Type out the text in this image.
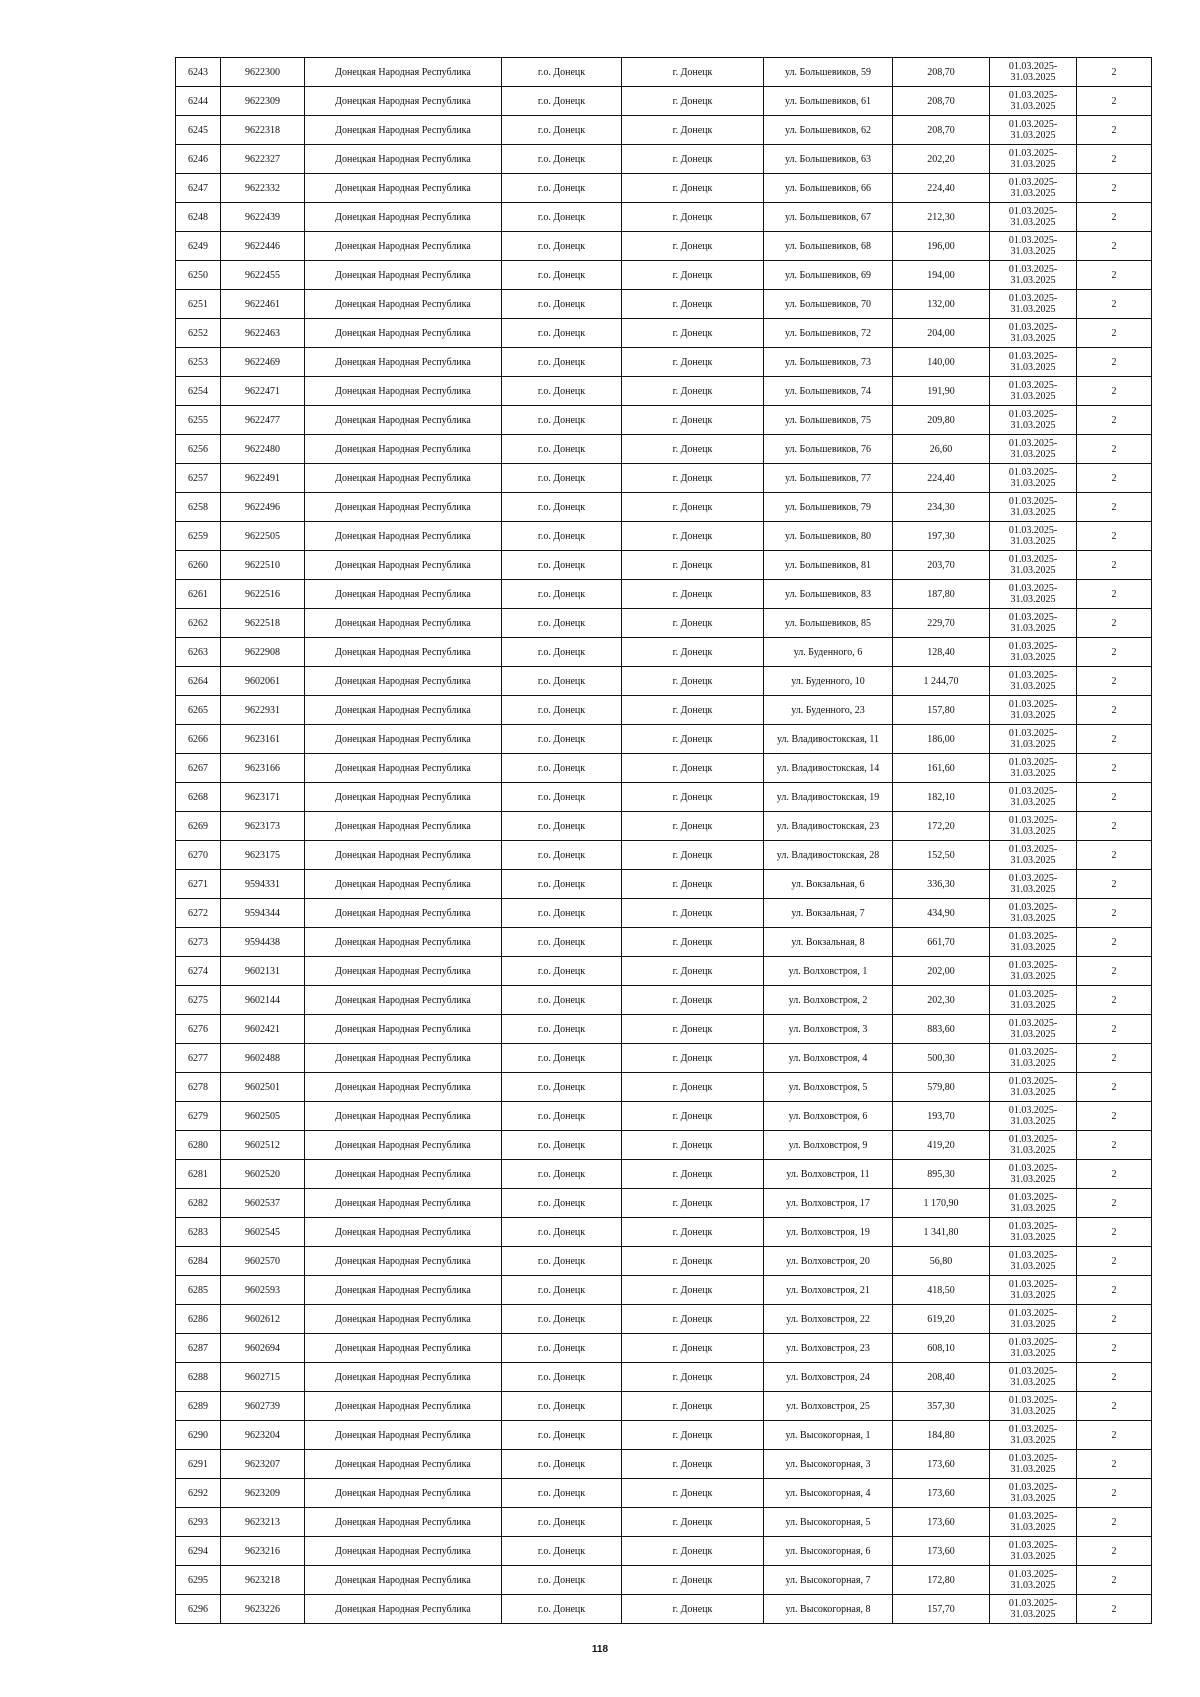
6243	9622300	Донецкая Народная Республика	г.о. Донецк	г. Донецк	ул. Большевиков, 59	208,70	01.03.2025-31.03.2025	2
6244	9622309	Донецкая Народная Республика	г.о. Донецк	г. Донецк	ул. Большевиков, 61	208,70	01.03.2025-31.03.2025	2
6245	9622318	Донецкая Народная Республика	г.о. Донецк	г. Донецк	ул. Большевиков, 62	208,70	01.03.2025-31.03.2025	2
6246	9622327	Донецкая Народная Республика	г.о. Донецк	г. Донецк	ул. Большевиков, 63	202,20	01.03.2025-31.03.2025	2
6247	9622332	Донецкая Народная Республика	г.о. Донецк	г. Донецк	ул. Большевиков, 66	224,40	01.03.2025-31.03.2025	2
6248	9622439	Донецкая Народная Республика	г.о. Донецк	г. Донецк	ул. Большевиков, 67	212,30	01.03.2025-31.03.2025	2
6249	9622446	Донецкая Народная Республика	г.о. Донецк	г. Донецк	ул. Большевиков, 68	196,00	01.03.2025-31.03.2025	2
6250	9622455	Донецкая Народная Республика	г.о. Донецк	г. Донецк	ул. Большевиков, 69	194,00	01.03.2025-31.03.2025	2
6251	9622461	Донецкая Народная Республика	г.о. Донецк	г. Донецк	ул. Большевиков, 70	132,00	01.03.2025-31.03.2025	2
6252	9622463	Донецкая Народная Республика	г.о. Донецк	г. Донецк	ул. Большевиков, 72	204,00	01.03.2025-31.03.2025	2
6253	9622469	Донецкая Народная Республика	г.о. Донецк	г. Донецк	ул. Большевиков, 73	140,00	01.03.2025-31.03.2025	2
6254	9622471	Донецкая Народная Республика	г.о. Донецк	г. Донецк	ул. Большевиков, 74	191,90	01.03.2025-31.03.2025	2
6255	9622477	Донецкая Народная Республика	г.о. Донецк	г. Донецк	ул. Большевиков, 75	209,80	01.03.2025-31.03.2025	2
6256	9622480	Донецкая Народная Республика	г.о. Донецк	г. Донецк	ул. Большевиков, 76	26,60	01.03.2025-31.03.2025	2
6257	9622491	Донецкая Народная Республика	г.о. Донецк	г. Донецк	ул. Большевиков, 77	224,40	01.03.2025-31.03.2025	2
6258	9622496	Донецкая Народная Республика	г.о. Донецк	г. Донецк	ул. Большевиков, 79	234,30	01.03.2025-31.03.2025	2
6259	9622505	Донецкая Народная Республика	г.о. Донецк	г. Донецк	ул. Большевиков, 80	197,30	01.03.2025-31.03.2025	2
6260	9622510	Донецкая Народная Республика	г.о. Донецк	г. Донецк	ул. Большевиков, 81	203,70	01.03.2025-31.03.2025	2
6261	9622516	Донецкая Народная Республика	г.о. Донецк	г. Донецк	ул. Большевиков, 83	187,80	01.03.2025-31.03.2025	2
6262	9622518	Донецкая Народная Республика	г.о. Донецк	г. Донецк	ул. Большевиков, 85	229,70	01.03.2025-31.03.2025	2
6263	9622908	Донецкая Народная Республика	г.о. Донецк	г. Донецк	ул. Буденного, 6	128,40	01.03.2025-31.03.2025	2
6264	9602061	Донецкая Народная Республика	г.о. Донецк	г. Донецк	ул. Буденного, 10	1 244,70	01.03.2025-31.03.2025	2
6265	9622931	Донецкая Народная Республика	г.о. Донецк	г. Донецк	ул. Буденного, 23	157,80	01.03.2025-31.03.2025	2
6266	9623161	Донецкая Народная Республика	г.о. Донецк	г. Донецк	ул. Владивостокская, 11	186,00	01.03.2025-31.03.2025	2
6267	9623166	Донецкая Народная Республика	г.о. Донецк	г. Донецк	ул. Владивостокская, 14	161,60	01.03.2025-31.03.2025	2
6268	9623171	Донецкая Народная Республика	г.о. Донецк	г. Донецк	ул. Владивостокская, 19	182,10	01.03.2025-31.03.2025	2
6269	9623173	Донецкая Народная Республика	г.о. Донецк	г. Донецк	ул. Владивостокская, 23	172,20	01.03.2025-31.03.2025	2
6270	9623175	Донецкая Народная Республика	г.о. Донецк	г. Донецк	ул. Владивостокская, 28	152,50	01.03.2025-31.03.2025	2
6271	9594331	Донецкая Народная Республика	г.о. Донецк	г. Донецк	ул. Вокзальная, 6	336,30	01.03.2025-31.03.2025	2
6272	9594344	Донецкая Народная Республика	г.о. Донецк	г. Донецк	ул. Вокзальная, 7	434,90	01.03.2025-31.03.2025	2
6273	9594438	Донецкая Народная Республика	г.о. Донецк	г. Донецк	ул. Вокзальная, 8	661,70	01.03.2025-31.03.2025	2
6274	9602131	Донецкая Народная Республика	г.о. Донецк	г. Донецк	ул. Волховстроя, 1	202,00	01.03.2025-31.03.2025	2
6275	9602144	Донецкая Народная Республика	г.о. Донецк	г. Донецк	ул. Волховстроя, 2	202,30	01.03.2025-31.03.2025	2
6276	9602421	Донецкая Народная Республика	г.о. Донецк	г. Донецк	ул. Волховстроя, 3	883,60	01.03.2025-31.03.2025	2
6277	9602488	Донецкая Народная Республика	г.о. Донецк	г. Донецк	ул. Волховстроя, 4	500,30	01.03.2025-31.03.2025	2
6278	9602501	Донецкая Народная Республика	г.о. Донецк	г. Донецк	ул. Волховстроя, 5	579,80	01.03.2025-31.03.2025	2
6279	9602505	Донецкая Народная Республика	г.о. Донецк	г. Донецк	ул. Волховстроя, 6	193,70	01.03.2025-31.03.2025	2
6280	9602512	Донецкая Народная Республика	г.о. Донецк	г. Донецк	ул. Волховстроя, 9	419,20	01.03.2025-31.03.2025	2
6281	9602520	Донецкая Народная Республика	г.о. Донецк	г. Донецк	ул. Волховстроя, 11	895,30	01.03.2025-31.03.2025	2
6282	9602537	Донецкая Народная Республика	г.о. Донецк	г. Донецк	ул. Волховстроя, 17	1 170,90	01.03.2025-31.03.2025	2
6283	9602545	Донецкая Народная Республика	г.о. Донецк	г. Донецк	ул. Волховстроя, 19	1 341,80	01.03.2025-31.03.2025	2
6284	9602570	Донецкая Народная Республика	г.о. Донецк	г. Донецк	ул. Волховстроя, 20	56,80	01.03.2025-31.03.2025	2
6285	9602593	Донецкая Народная Республика	г.о. Донецк	г. Донецк	ул. Волховстроя, 21	418,50	01.03.2025-31.03.2025	2
6286	9602612	Донецкая Народная Республика	г.о. Донецк	г. Донецк	ул. Волховстроя, 22	619,20	01.03.2025-31.03.2025	2
6287	9602694	Донецкая Народная Республика	г.о. Донецк	г. Донецк	ул. Волховстроя, 23	608,10	01.03.2025-31.03.2025	2
6288	9602715	Донецкая Народная Республика	г.о. Донецк	г. Донецк	ул. Волховстроя, 24	208,40	01.03.2025-31.03.2025	2
6289	9602739	Донецкая Народная Республика	г.о. Донецк	г. Донецк	ул. Волховстроя, 25	357,30	01.03.2025-31.03.2025	2
6290	9623204	Донецкая Народная Республика	г.о. Донецк	г. Донецк	ул. Высокогорная, 1	184,80	01.03.2025-31.03.2025	2
6291	9623207	Донецкая Народная Республика	г.о. Донецк	г. Донецк	ул. Высокогорная, 3	173,60	01.03.2025-31.03.2025	2
6292	9623209	Донецкая Народная Республика	г.о. Донецк	г. Донецк	ул. Высокогорная, 4	173,60	01.03.2025-31.03.2025	2
6293	9623213	Донецкая Народная Республика	г.о. Донецк	г. Донецк	ул. Высокогорная, 5	173,60	01.03.2025-31.03.2025	2
6294	9623216	Донецкая Народная Республика	г.о. Донецк	г. Донецк	ул. Высокогорная, 6	173,60	01.03.2025-31.03.2025	2
6295	9623218	Донецкая Народная Республика	г.о. Донецк	г. Донецк	ул. Высокогорная, 7	172,80	01.03.2025-31.03.2025	2
6296	9623226	Донецкая Народная Республика	г.о. Донецк	г. Донецк	ул. Высокогорная, 8	157,70	01.03.2025-31.03.2025	2
118
